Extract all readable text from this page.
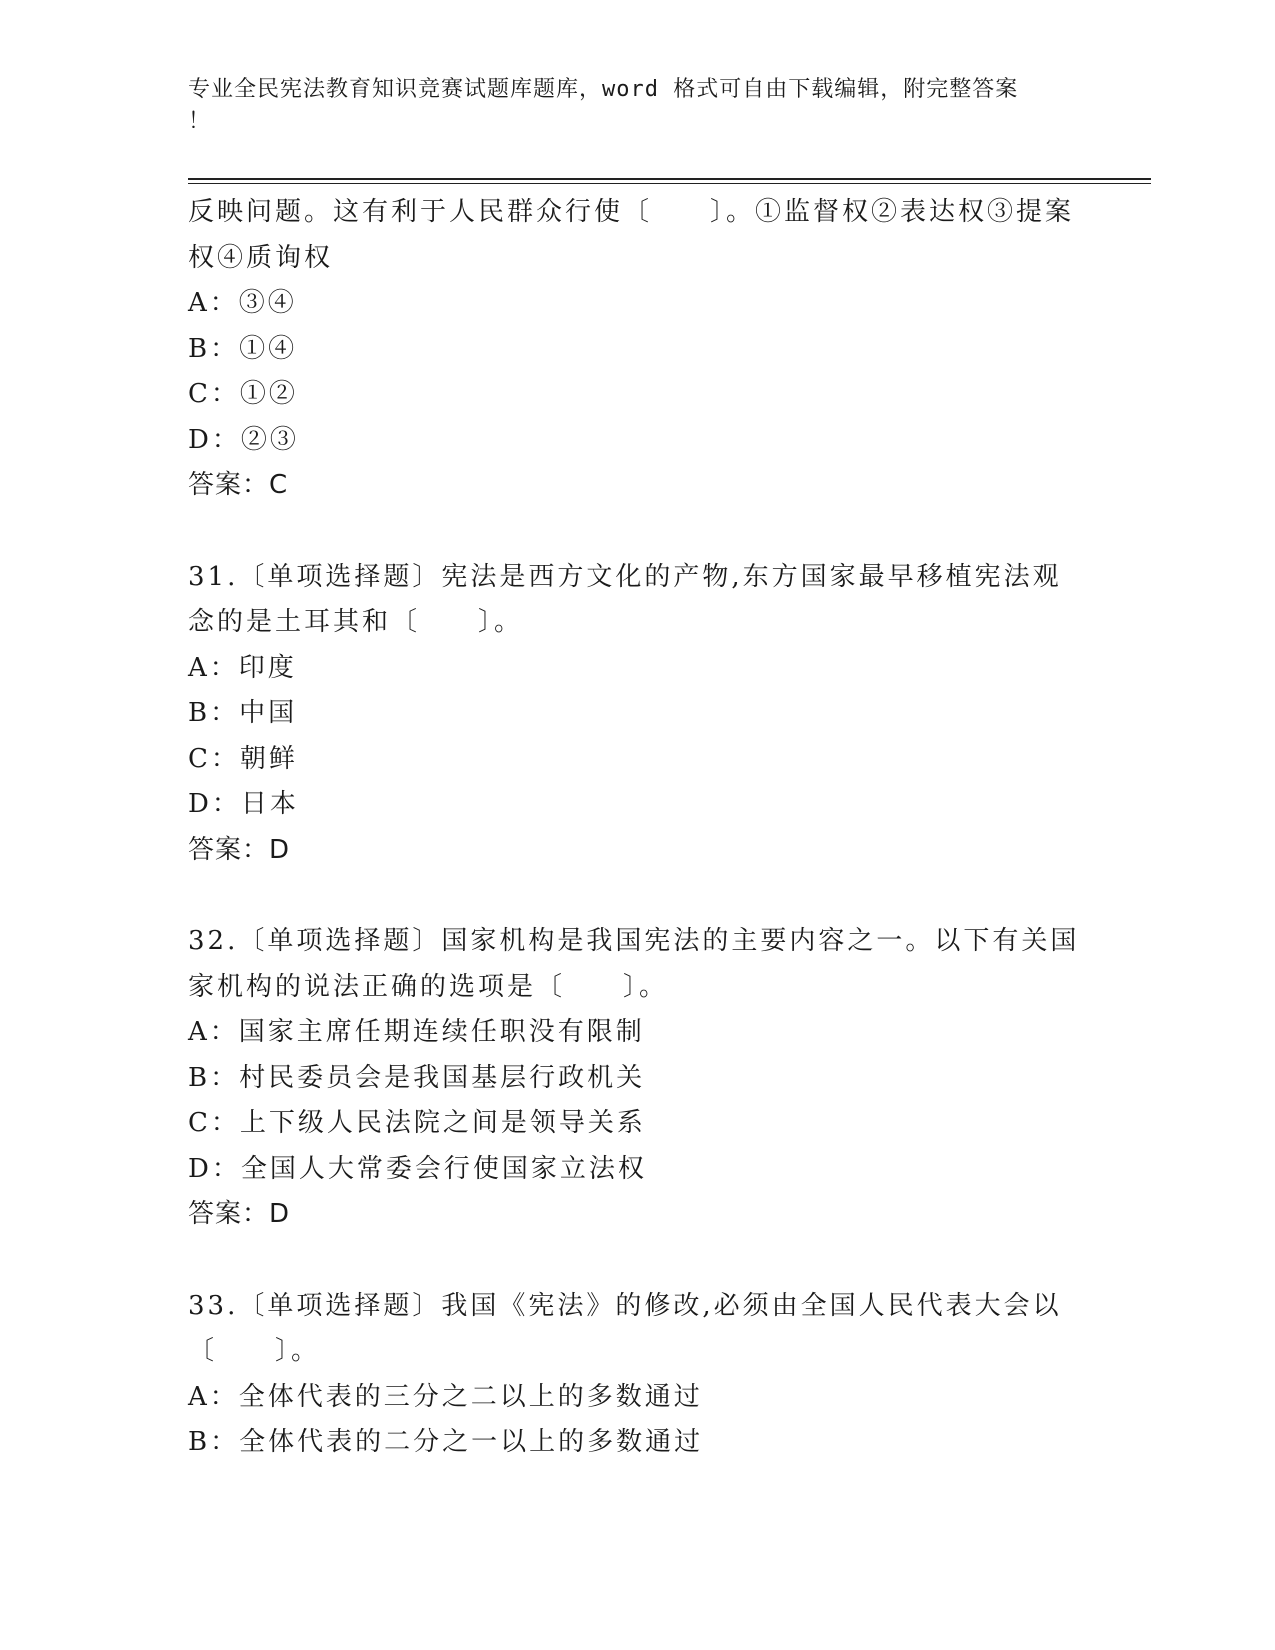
专业全民宪法教育知识竞赛试题库题库，word 格式可自由下载编辑，附完整答案
！
反映问题。这有利于人民群众行使〔　　〕。①监督权②表达权③提案
权④质询权
A：③④
B：①④
C：①②
D：②③
答案：C
31.〔单项选择题〕宪法是西方文化的产物,东方国家最早移植宪法观
念的是土耳其和〔　　〕。
A：印度
B：中国
C：朝鲜
D：日本
答案：D
32.〔单项选择题〕国家机构是我国宪法的主要内容之一。以下有关国
家机构的说法正确的选项是〔　　〕。
A：国家主席任期连续任职没有限制
B：村民委员会是我国基层行政机关
C：上下级人民法院之间是领导关系
D：全国人大常委会行使国家立法权
答案：D
33.〔单项选择题〕我国《宪法》的修改,必须由全国人民代表大会以
〔　　〕。
A：全体代表的三分之二以上的多数通过
B：全体代表的二分之一以上的多数通过
